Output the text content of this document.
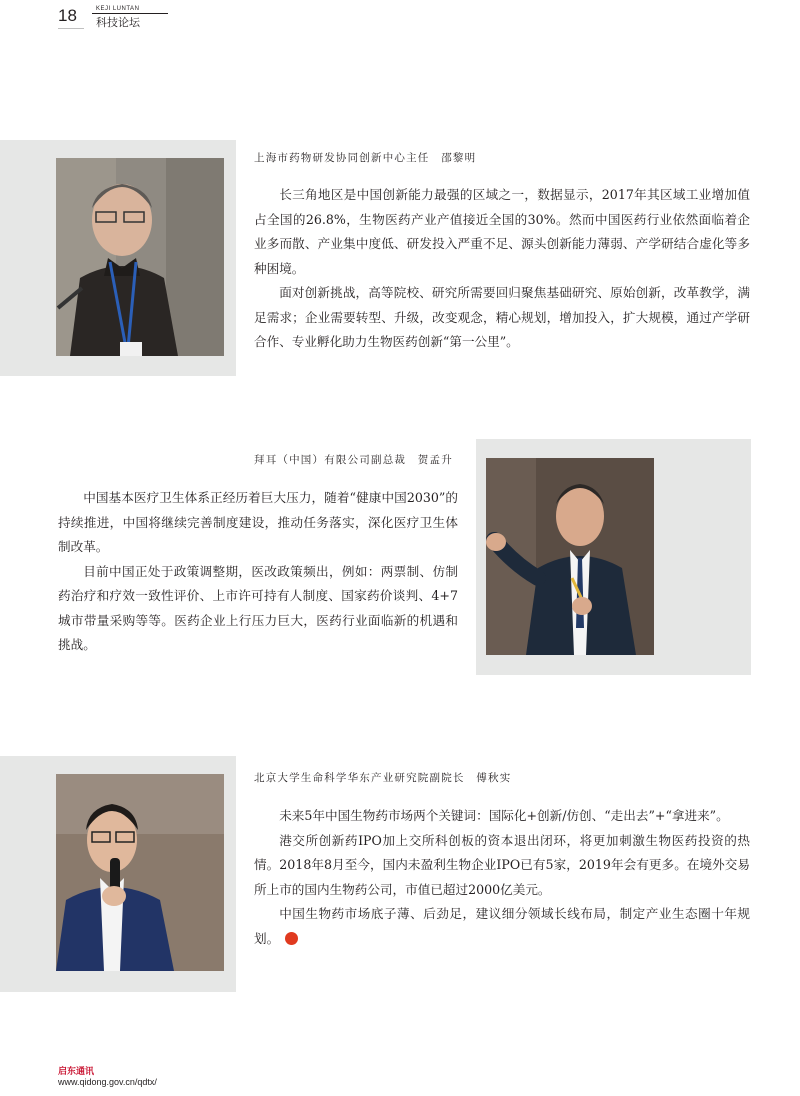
18	KEJI LUNTAN
科技论坛
上海市药物研发协同创新中心主任　邵黎明

长三角地区是中国创新能力最强的区域之一，数据显示，2017年其区域工业增加值占全国的26.8%，生物医药产业产值接近全国的30%。然而中国医药行业依然面临着企业多而散、产业集中度低、研发投入严重不足、源头创新能力薄弱、产学研结合虚化等多种困境。

面对创新挑战，高等院校、研究所需要回归聚焦基础研究、原始创新，改革教学，满足需求；企业需要转型、升级，改变观念，精心规划，增加投入，扩大规模，通过产学研合作、专业孵化助力生物医药创新“第一公里”。

拜耳（中国）有限公司副总裁　贺孟升

中国基本医疗卫生体系正经历着巨大压力，随着“健康中国2030”的持续推进，中国将继续完善制度建设，推动任务落实，深化医疗卫生体制改革。

目前中国正处于政策调整期，医改政策频出，例如：两票制、仿制药治疗和疗效一致性评价、上市许可持有人制度、国家药价谈判、4+7城市带量采购等等。医药企业上行压力巨大，医药行业面临新的机遇和挑战。

北京大学生命科学华东产业研究院副院长　傅秋实

未来5年中国生物药市场两个关键词：国际化+创新/仿创、“走出去”+“拿进来”。

港交所创新药IPO加上交所科创板的资本退出闭环，将更加刺激生物医药投资的热情。2018年8月至今，国内未盈利生物企业IPO已有5家，2019年会有更多。在境外交易所上市的国内生物药公司，市值已超过2000亿美元。

中国生物药市场底子薄、后劲足，建议细分领域长线布局，制定产业生态圈十年规划。

启东通讯
www.qidong.gov.cn/qdtx/
